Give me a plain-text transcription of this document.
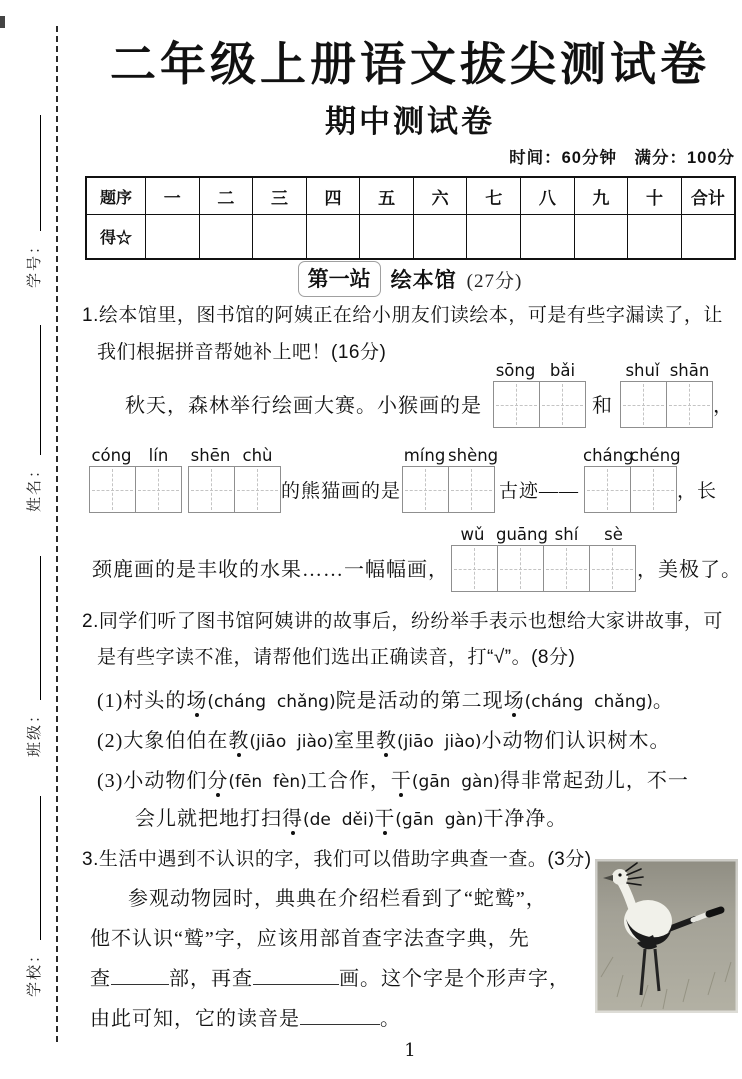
学号：
姓名：
班级：
学校：
二年级上册语文拔尖测试卷
期中测试卷
时间：60分钟　满分：100分
题序	一	二	三	四	五	六	七	八	九	十	合计
得☆											
第一站 绘本馆 (27分)
1.绘本馆里，图书馆的阿姨正在给小朋友们读绘本，可是有些字漏读了，让
我们根据拼音帮她补上吧！(16分)
秋天，森林举行绘画大赛。小猴画的是
sōng bǎi
和
shuǐ shān
，
cóng	lín	shēn chù
的熊猫画的是
míng shèng
古迹——
cháng
chéng
，长
颈鹿画的是丰收的水果……一幅幅画，
wǔ guāng shí	sè
，美极了。
2.同学们听了图书馆阿姨讲的故事后，纷纷举手表示也想给大家讲故事，可
是有些字读不准，请帮他们选出正确读音，打“√”。(8分)
(1)村头的场(cháng  chǎng)院是活动的第二现场(cháng  chǎng)。
(2)大象伯伯在教(jiāo  jiào)室里教(jiāo  jiào)小动物们认识树木。
(3)小动物们分(fēn  fèn)工合作，干(gān  gàn)得非常起劲儿，不一
会儿就把地打扫得(de  děi)干(gān  gàn)干净净。
3.生活中遇到不认识的字，我们可以借助字典查一查。(3分)
参观动物园时，典典在介绍栏看到了“蛇鹫”，
他不认识“鹫”字，应该用部首查字法查字典，先
查	部，再查	画。这个字是个形声字，
由此可知，它的读音是	。
1
